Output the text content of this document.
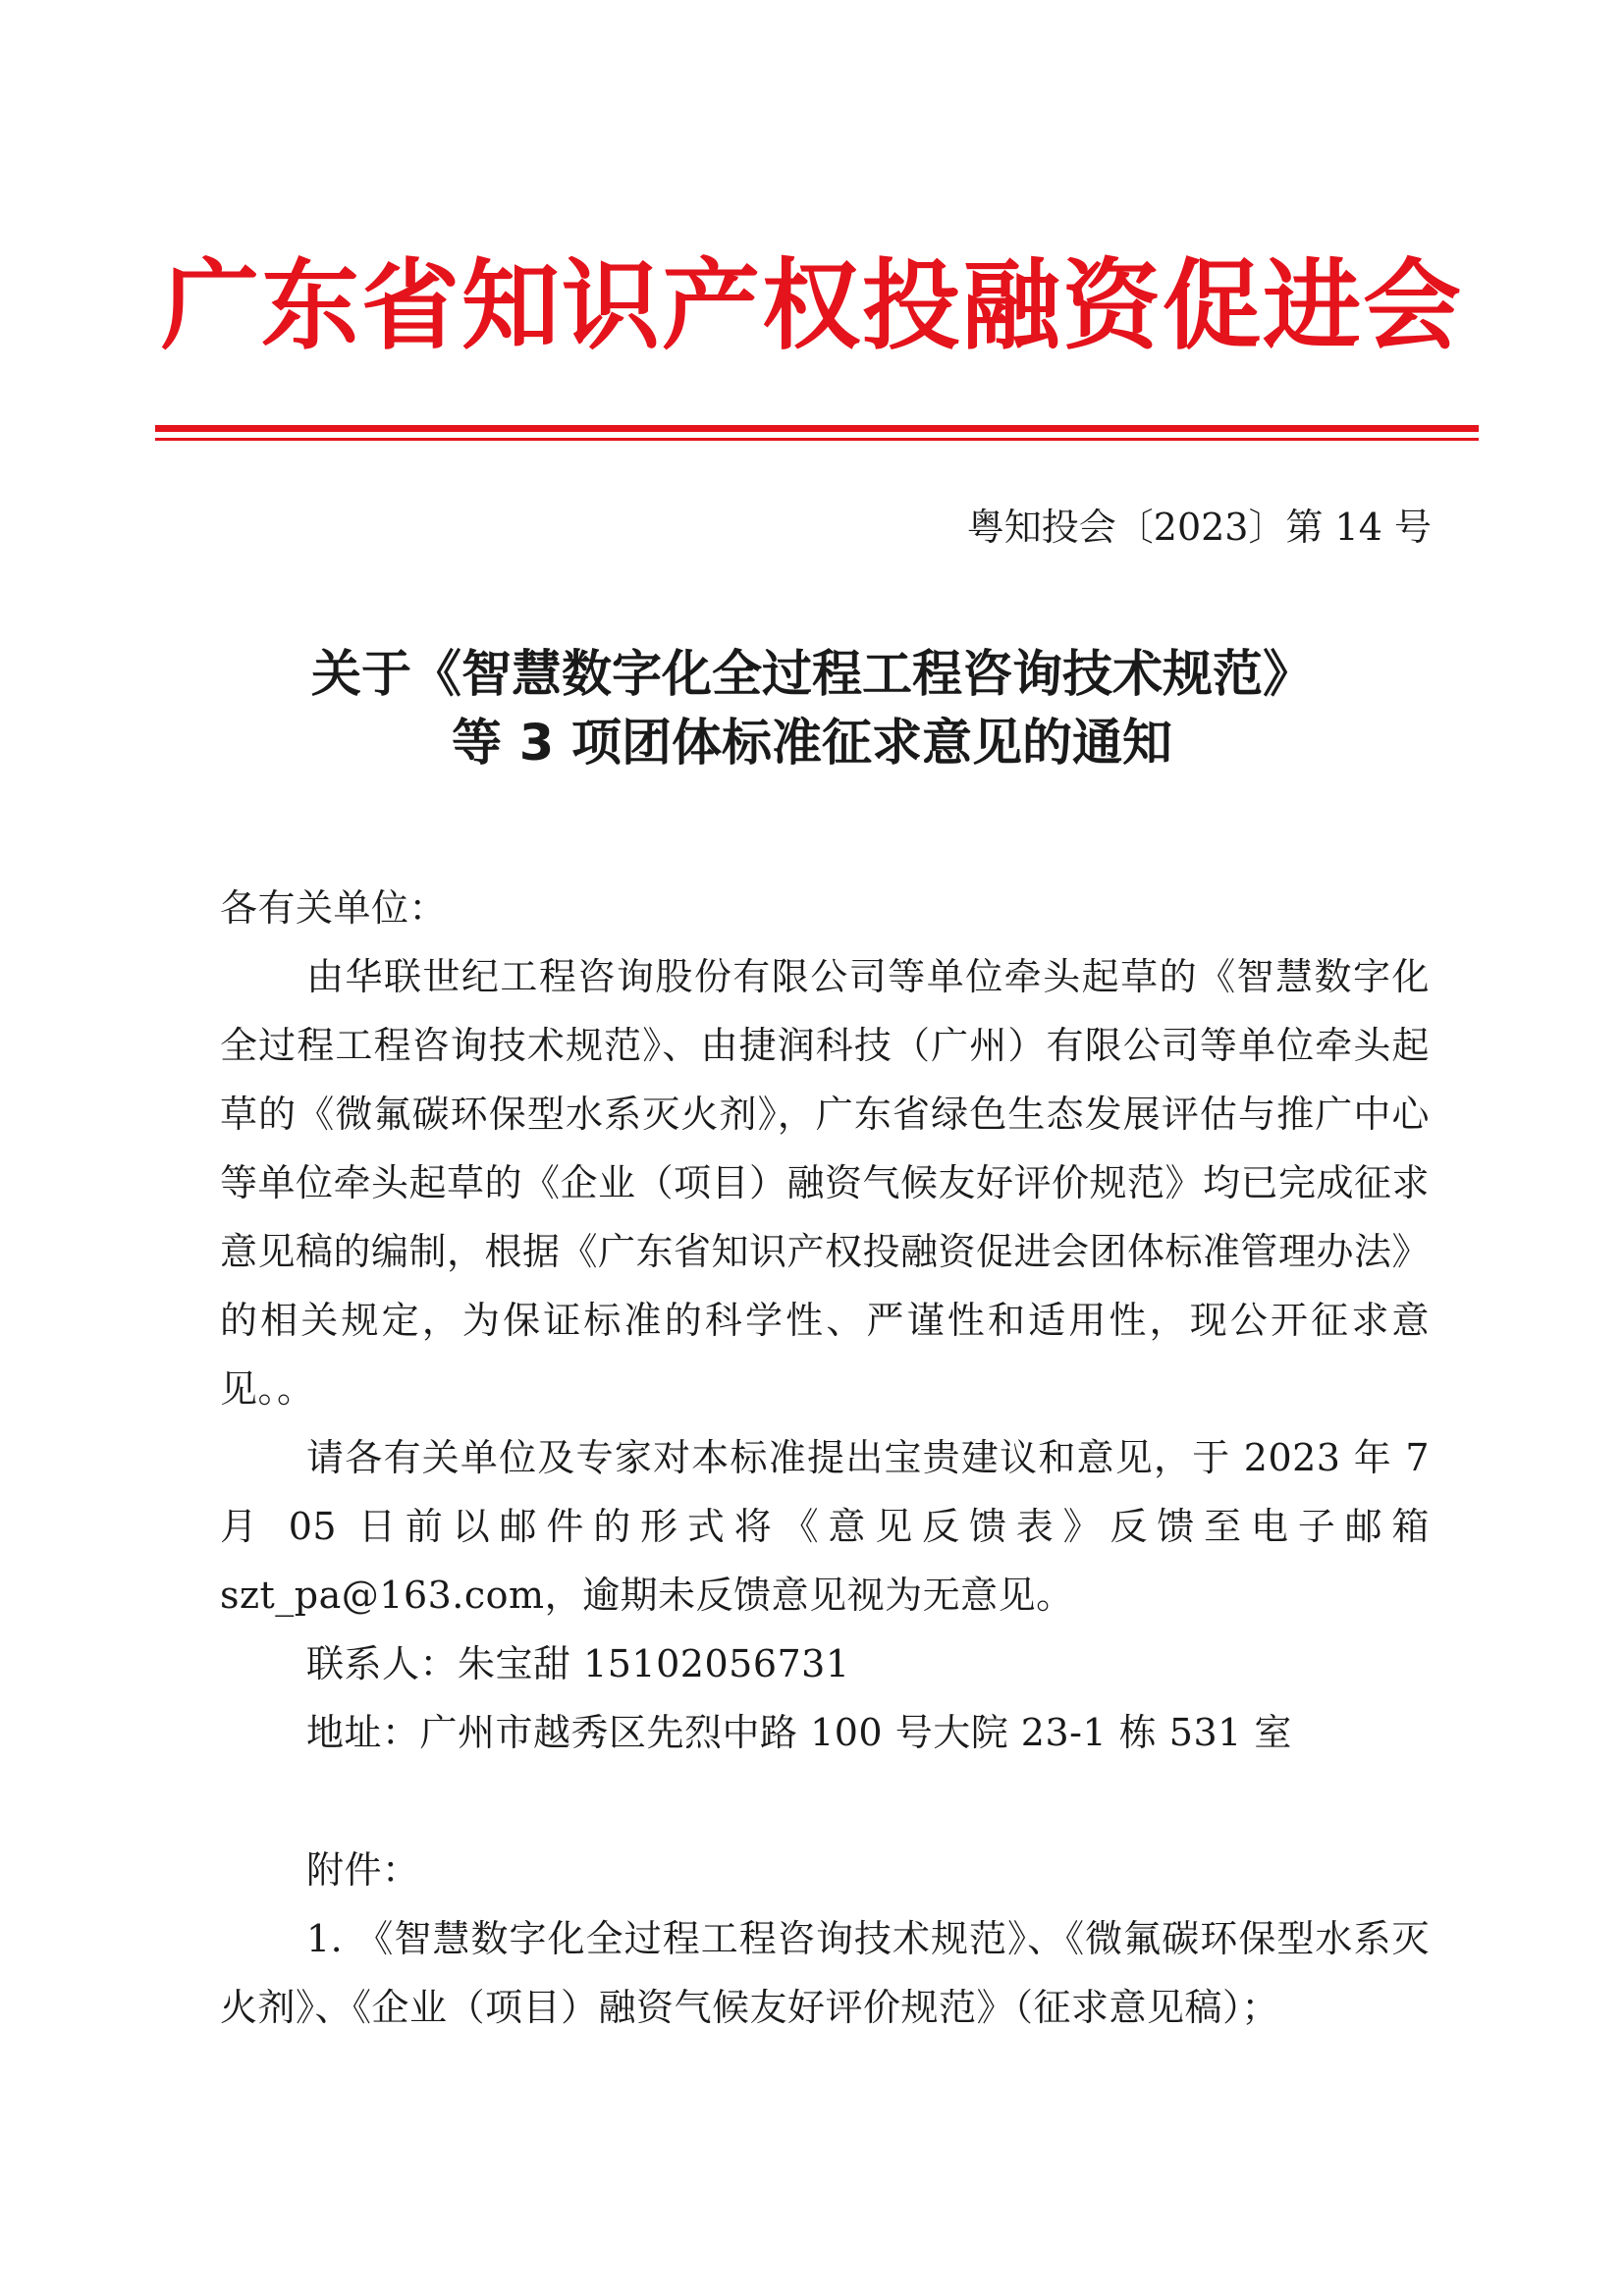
广东省知识产权投融资促进会
粤知投会〔2023〕第 14 号
关于《智慧数字化全过程工程咨询技术规范》
等 3 项团体标准征求意见的通知

各有关单位：

由华联世纪工程咨询股份有限公司等单位牵头起草的《智慧数字化全过程工程咨询技术规范》、由捷润科技（广州）有限公司等单位牵头起草的《微氟碳环保型水系灭火剂》，广东省绿色生态发展评估与推广中心等单位牵头起草的《企业（项目）融资气候友好评价规范》均已完成征求意见稿的编制，根据《广东省知识产权投融资促进会团体标准管理办法》的相关规定，为保证标准的科学性、严谨性和适用性，现公开征求意见。。

请各有关单位及专家对本标准提出宝贵建议和意见，于 2023 年 7 月 05 日前以邮件的形式将《意见反馈表》反馈至电子邮箱 szt_pa@163.com，逾期未反馈意见视为无意见。

联系人：朱宝甜 15102056731

地址：广州市越秀区先烈中路 100 号大院 23-1 栋 531 室

附件：

1. 《智慧数字化全过程工程咨询技术规范》、《微氟碳环保型水系灭火剂》、《企业（项目）融资气候友好评价规范》（征求意见稿）；
